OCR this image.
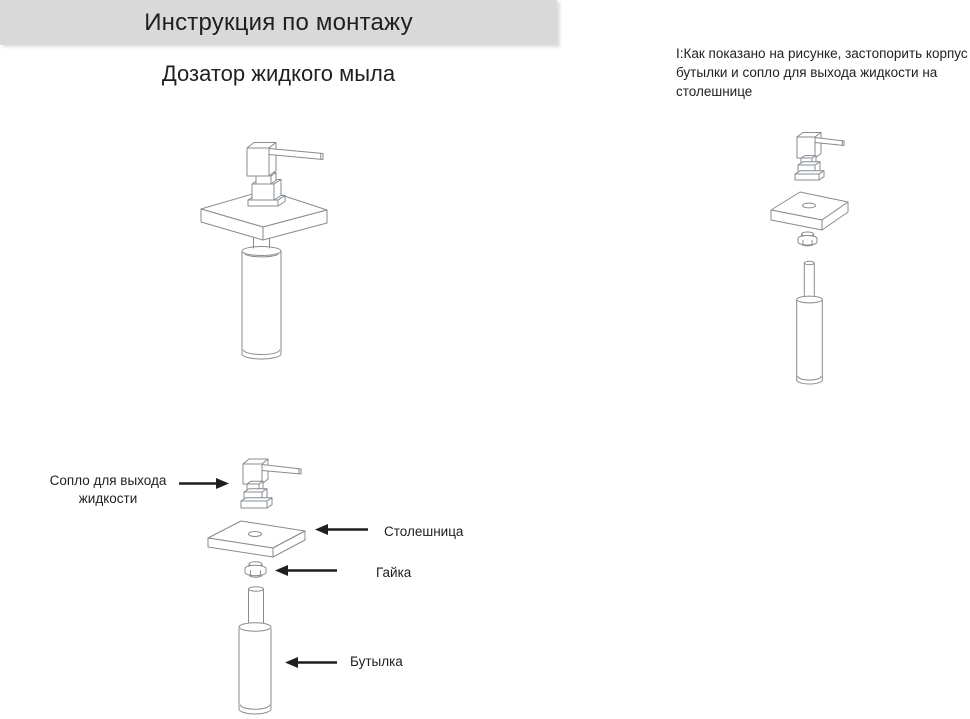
Инструкция по монтажу
Дозатор жидкого мыла
I:Как показано на рисунке, застопорить корпус
бутылки и сопло для выхода жидкости на
столешнице
Сопло для выхода
жидкости
Столешница
Гайка
Бутылка
